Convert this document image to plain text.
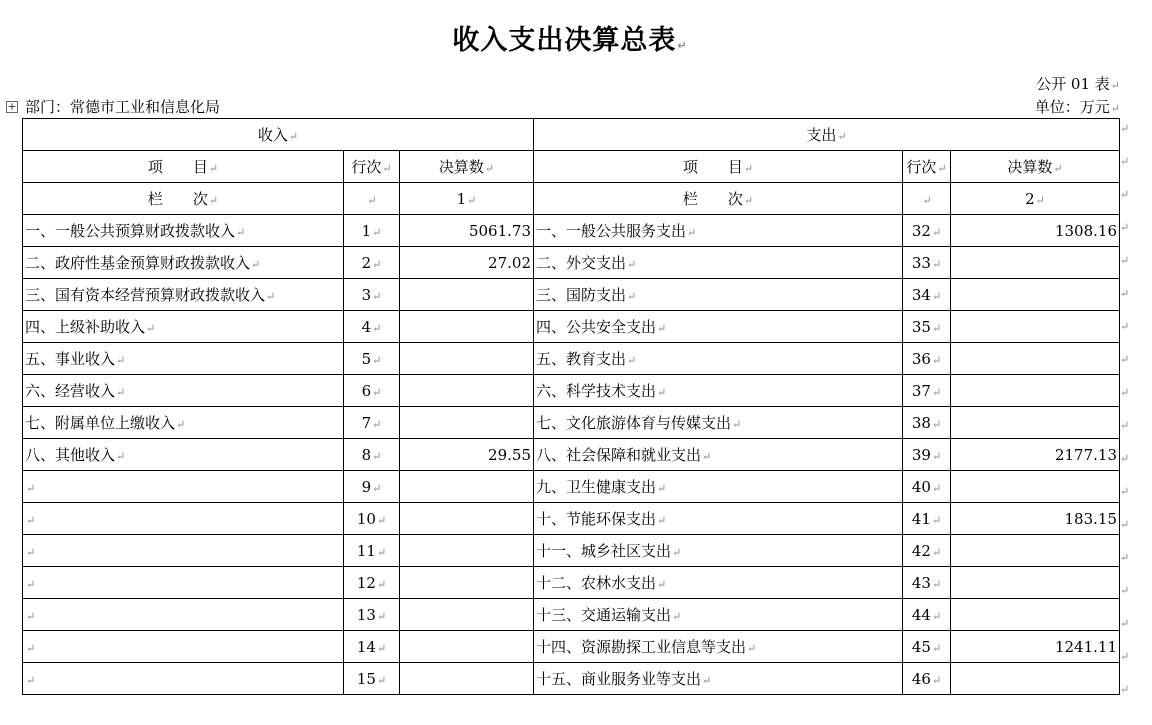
收入支出决算总表↵
公开 01 表↵
+ 部门：常德市工业和信息化局	单位：万元↵
收入↵			支出↵		
项　　目↵	行次↵	决算数↵	项　　目↵	行次↵	决算数↵
栏　　次↵	↵	1↵	栏　　次↵	↵	2↵
一、一般公共预算财政拨款收入↵	1↵	5061.73	一、一般公共服务支出↵	32↵	1308.16
二、政府性基金预算财政拨款收入↵	2↵	27.02	二、外交支出↵	33↵	
三、国有资本经营预算财政拨款收入↵	3↵		三、国防支出↵	34↵	
四、上级补助收入↵	4↵		四、公共安全支出↵	35↵	
五、事业收入↵	5↵		五、教育支出↵	36↵	
六、经营收入↵	6↵		六、科学技术支出↵	37↵	
七、附属单位上缴收入↵	7↵		七、文化旅游体育与传媒支出↵	38↵	
八、其他收入↵	8↵	29.55	八、社会保障和就业支出↵	39↵	2177.13
↵	9↵		九、卫生健康支出↵	40↵	
↵	10↵		十、节能环保支出↵	41↵	183.15
↵	11↵		十一、城乡社区支出↵	42↵	
↵	12↵		十二、农林水支出↵	43↵	
↵	13↵		十三、交通运输支出↵	44↵	
↵	14↵		十四、资源勘探工业信息等支出↵	45↵	1241.11
↵	15↵		十五、商业服务业等支出↵	46↵	
↵
↵
↵
↵
↵
↵
↵
↵
↵
↵
↵
↵
↵
↵
↵
↵
↵
↵
